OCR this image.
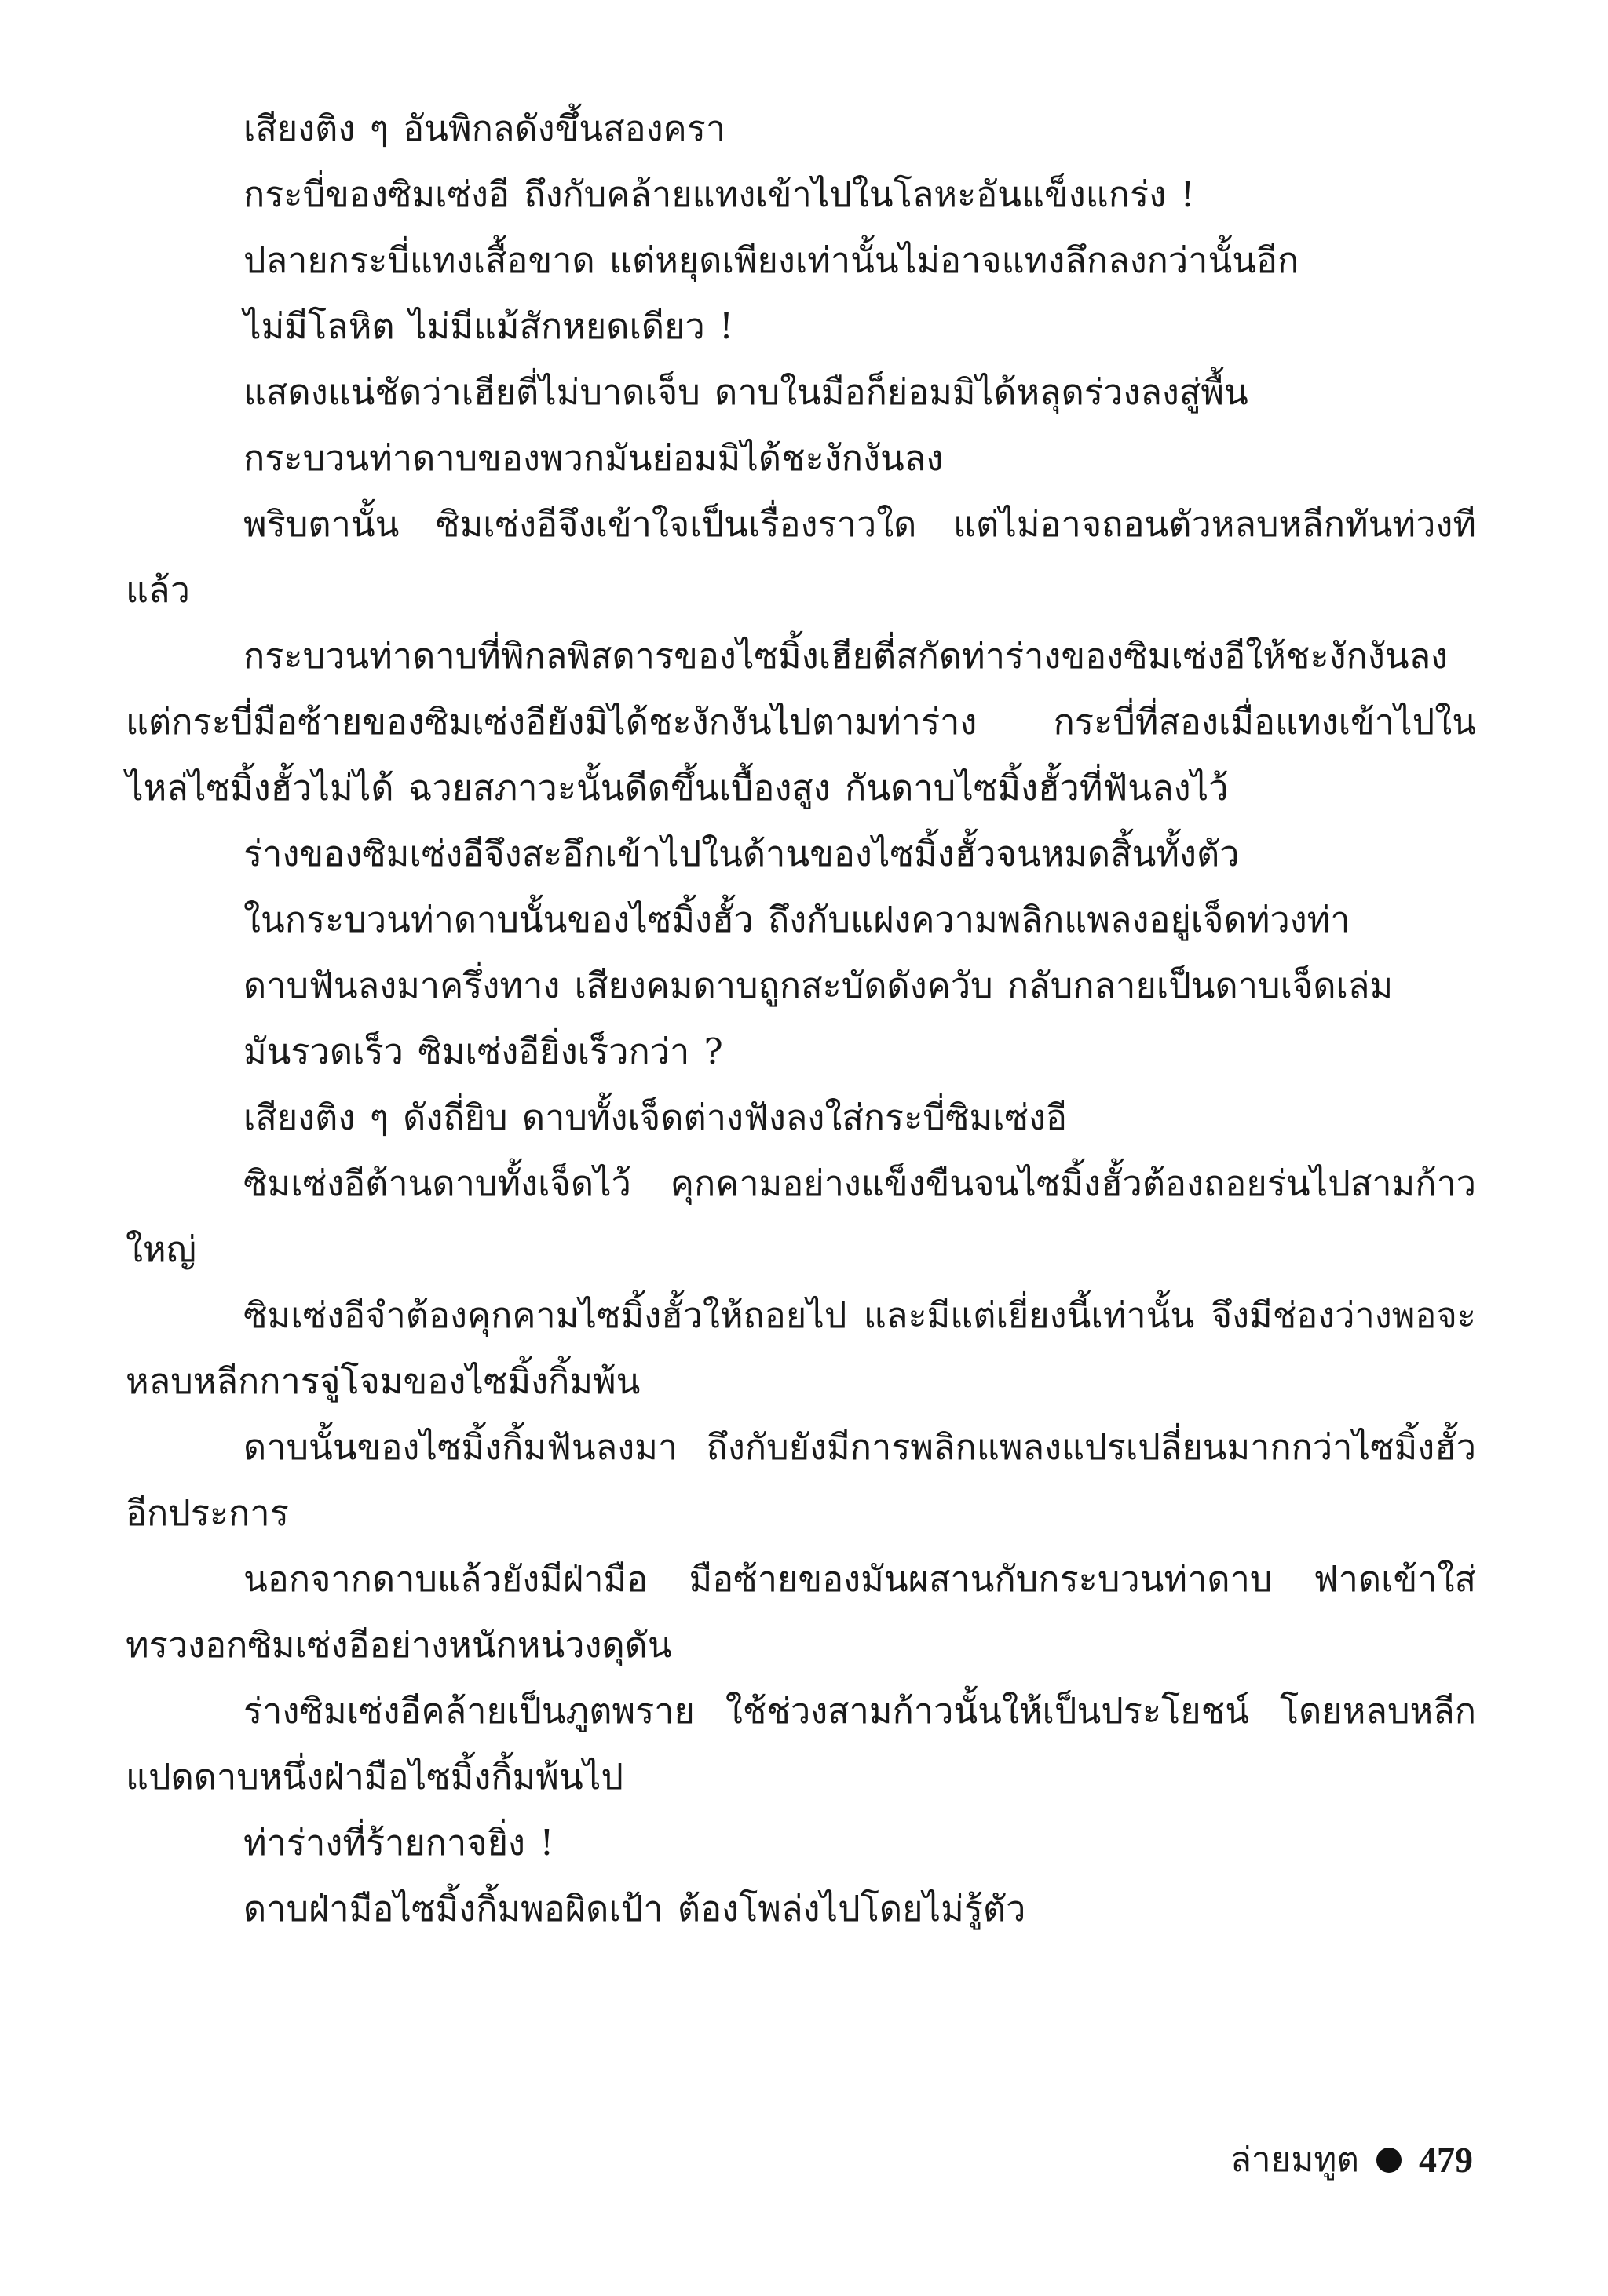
เสียงติง ๆ อันพิกลดังขึ้นสองครา

กระบี่ของซิมเซ่งอี ถึงกับคล้ายแทงเข้าไปในโลหะอันแข็งแกร่ง !

ปลายกระบี่แทงเสื้อขาด แต่หยุดเพียงเท่านั้นไม่อาจแทงลึกลงกว่านั้นอีก

ไม่มีโลหิต ไม่มีแม้สักหยดเดียว !

แสดงแน่ชัดว่าเฮียตี่ไม่บาดเจ็บ ดาบในมือก็ย่อมมิได้หลุดร่วงลงสู่พื้น

กระบวนท่าดาบของพวกมันย่อมมิได้ชะงักงันลง

พริบตานั้น ซิมเซ่งอีจึงเข้าใจเป็นเรื่องราวใด แต่ไม่อาจถอนตัวหลบหลีกทันท่วงทีแล้ว

กระบวนท่าดาบที่พิกลพิสดารของไซมิ้งเฮียตี่สกัดท่าร่างของซิมเซ่งอีให้ชะงักงันลง แต่กระบี่มือซ้ายของซิมเซ่งอียังมิได้ชะงักงันไปตามท่าร่าง กระบี่ที่สองเมื่อแทงเข้าไปในไหล่ไซมิ้งฮั้วไม่ได้ ฉวยสภาวะนั้นดีดขึ้นเบื้องสูง กันดาบไซมิ้งฮั้วที่ฟันลงไว้

ร่างของซิมเซ่งอีจึงสะอึกเข้าไปในด้านของไซมิ้งฮั้วจนหมดสิ้นทั้งตัว

ในกระบวนท่าดาบนั้นของไซมิ้งฮั้ว ถึงกับแฝงความพลิกแพลงอยู่เจ็ดท่วงท่า

ดาบฟันลงมาครึ่งทาง เสียงคมดาบถูกสะบัดดังควับ กลับกลายเป็นดาบเจ็ดเล่ม

มันรวดเร็ว ซิมเซ่งอียิ่งเร็วกว่า ?

เสียงติง ๆ ดังถี่ยิบ ดาบทั้งเจ็ดต่างฟังลงใส่กระบี่ซิมเซ่งอี

ซิมเซ่งอีต้านดาบทั้งเจ็ดไว้ คุกคามอย่างแข็งขืนจนไซมิ้งฮั้วต้องถอยร่นไปสามก้าวใหญ่

ซิมเซ่งอีจำต้องคุกคามไซมิ้งฮั้วให้ถอยไป และมีแต่เยี่ยงนี้เท่านั้น จึงมีช่องว่างพอจะหลบหลีกการจู่โจมของไซมิ้งกิ้มพ้น

ดาบนั้นของไซมิ้งกิ้มฟันลงมา ถึงกับยังมีการพลิกแพลงแปรเปลี่ยนมากกว่าไซมิ้งฮั้วอีกประการ

นอกจากดาบแล้วยังมีฝ่ามือ มือซ้ายของมันผสานกับกระบวนท่าดาบ ฟาดเข้าใส่ทรวงอกซิมเซ่งอีอย่างหนักหน่วงดุดัน

ร่างซิมเซ่งอีคล้ายเป็นภูตพราย ใช้ช่วงสามก้าวนั้นให้เป็นประโยชน์ โดยหลบหลีกแปดดาบหนึ่งฝ่ามือไซมิ้งกิ้มพ้นไป

ท่าร่างที่ร้ายกาจยิ่ง !

ดาบฝ่ามือไซมิ้งกิ้มพอผิดเป้า ต้องโพล่งไปโดยไม่รู้ตัว

ล่ายมทูต 479
